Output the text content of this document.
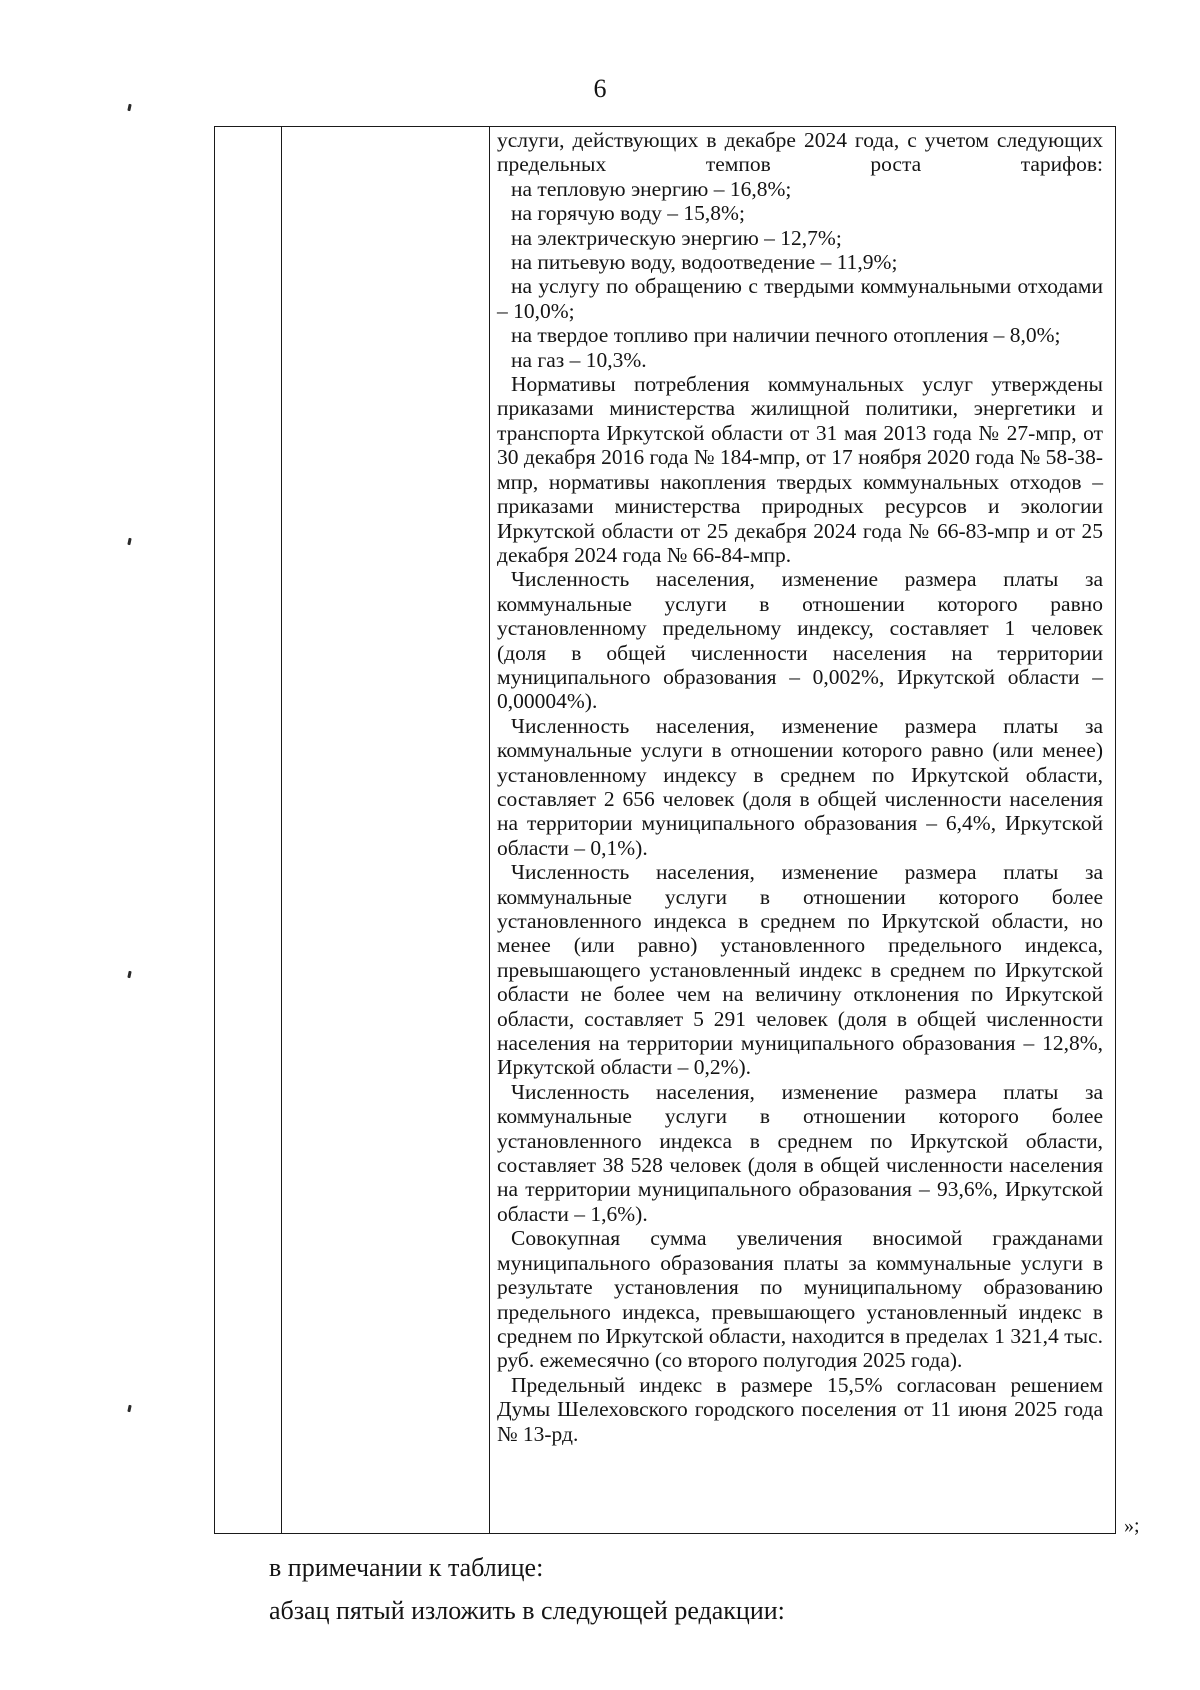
6

услуги, действующих в декабре 2024 года, с учетом следующих предельных темпов роста тарифов:

на тепловую энергию – 16,8%;

на горячую воду – 15,8%;

на электрическую энергию – 12,7%;

на питьевую воду, водоотведение – 11,9%;

на услугу по обращению с твердыми коммунальными отходами – 10,0%;

на твердое топливо при наличии печного отопления – 8,0%;

на газ – 10,3%.

Нормативы потребления коммунальных услуг утверждены приказами министерства жилищной политики, энергетики и транспорта Иркутской области от 31 мая 2013 года № 27-мпр, от 30 декабря 2016 года № 184-мпр, от 17 ноября 2020 года № 58-38-мпр, нормативы накопления твердых коммунальных отходов – приказами министерства природных ресурсов и экологии Иркутской области от 25 декабря 2024 года № 66-83-мпр и от 25 декабря 2024 года № 66-84-мпр.

Численность населения, изменение размера платы за коммунальные услуги в отношении которого равно установленному предельному индексу, составляет 1 человек (доля в общей численности населения на территории муниципального образования – 0,002%, Иркутской области – 0,00004%).

Численность населения, изменение размера платы за коммунальные услуги в отношении которого равно (или менее) установленному индексу в среднем по Иркутской области, составляет 2 656 человек (доля в общей численности населения на территории муниципального образования – 6,4%, Иркутской области – 0,1%).

Численность населения, изменение размера платы за коммунальные услуги в отношении которого более установленного индекса в среднем по Иркутской области, но менее (или равно) установленного предельного индекса, превышающего установленный индекс в среднем по Иркутской области не более чем на величину отклонения по Иркутской области, составляет 5 291 человек (доля в общей численности населения на территории муниципального образования – 12,8%, Иркутской области – 0,2%).

Численность населения, изменение размера платы за коммунальные услуги в отношении которого более установленного индекса в среднем по Иркутской области, составляет 38 528 человек (доля в общей численности населения на территории муниципального образования – 93,6%, Иркутской области – 1,6%).

Совокупная сумма увеличения вносимой гражданами муниципального образования платы за коммунальные услуги в результате установления по муниципальному образованию предельного индекса, превышающего установленный индекс в среднем по Иркутской области, находится в пределах 1 321,4 тыс. руб. ежемесячно (со второго полугодия 2025 года).

Предельный индекс в размере 15,5% согласован решением Думы Шелеховского городского поселения от 11 июня 2025 года № 13-рд.

»;
в примечании к таблице:
абзац пятый изложить в следующей редакции:
